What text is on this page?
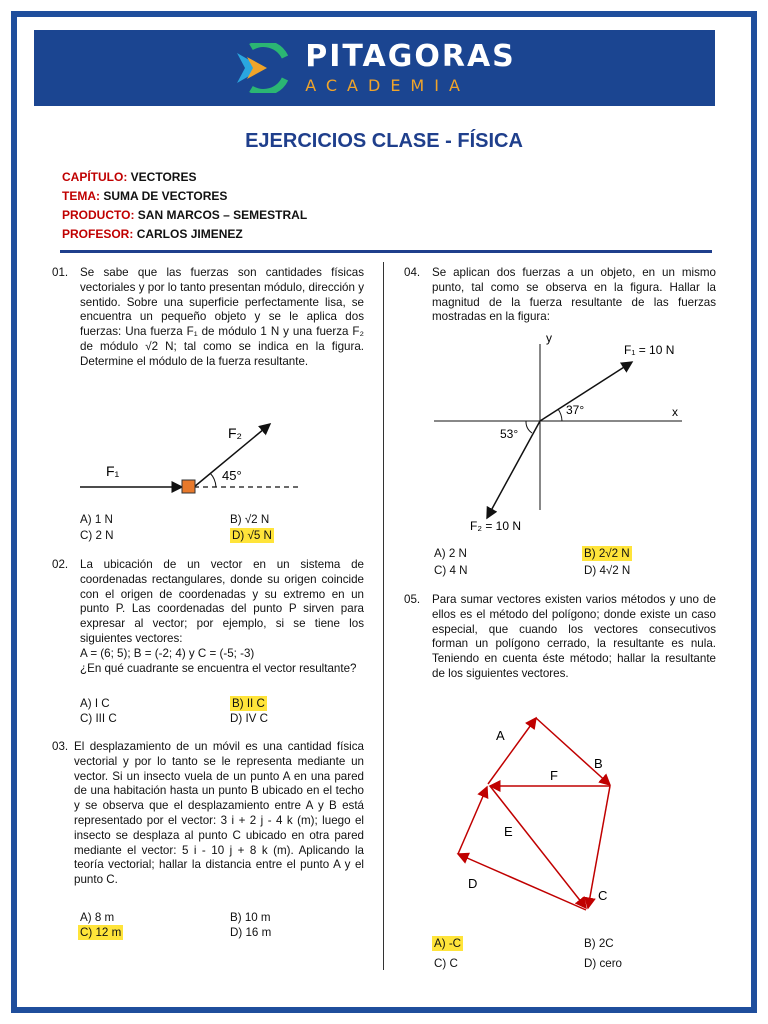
PITAGORAS
ACADEMIA
EJERCICIOS CLASE - FÍSICA
CAPÍTULO: VECTORES
TEMA: SUMA DE VECTORES
PRODUCTO: SAN MARCOS – SEMESTRAL
PROFESOR: CARLOS JIMENEZ
01. Se sabe que las fuerzas son cantidades físicas vectoriales y por lo tanto presentan módulo, dirección y sentido. Sobre una superficie perfectamente lisa, se encuentra un pequeño objeto y se le aplica dos fuerzas: Una fuerza F₁ de módulo 1 N y una fuerza F₂ de módulo √2 N; tal como se indica en la figura. Determine el módulo de la fuerza resultante.
F₁
F₂
45°
A) 1 N	B) √2 N
C) 2 N	D) √5 N
02. La ubicación de un vector en un sistema de coordenadas rectangulares, donde su origen coincide con el origen de coordenadas y su extremo en un punto P. Las coordenadas del punto P sirven para expresar al vector; por ejemplo, si se tiene los siguientes vectores:
A = (6; 5); B = (-2; 4) y C = (-5; -3)
¿En qué cuadrante se encuentra el vector resultante?
A) I C	B) II C
C) III C	D) IV C
03. El desplazamiento de un móvil es una cantidad física vectorial y por lo tanto se le representa mediante un vector. Si un insecto vuela de un punto A en una pared de una habitación hasta un punto B ubicado en el techo y se observa que el desplazamiento entre A y B está representado por el vector: 3 i + 2 j - 4 k (m); luego el insecto se desplaza al punto C ubicado en otra pared mediante el vector: 5 i - 10 j + 8 k (m). Aplicando la teoría vectorial; hallar la distancia entre el punto A y el punto C.
A) 8 m	B) 10 m
C) 12 m	D) 16 m
04. Se aplican dos fuerzas a un objeto, en un mismo punto, tal como se observa en la figura. Hallar la magnitud de la fuerza resultante de las fuerzas mostradas en la figura:
y
x
F₁ = 10 N
F₂ = 10 N
37°
53°
A) 2 N	B) 2√2 N
C) 4 N	D) 4√2 N
05. Para sumar vectores existen varios métodos y uno de ellos es el método del polígono; donde existe un caso especial, que cuando los vectores consecutivos forman un polígono cerrado, la resultante es nula. Teniendo en cuenta éste método; hallar la resultante de los siguientes vectores.
A
B
F
E
D
C
A) -C	B) 2C
C) C	D) cero
